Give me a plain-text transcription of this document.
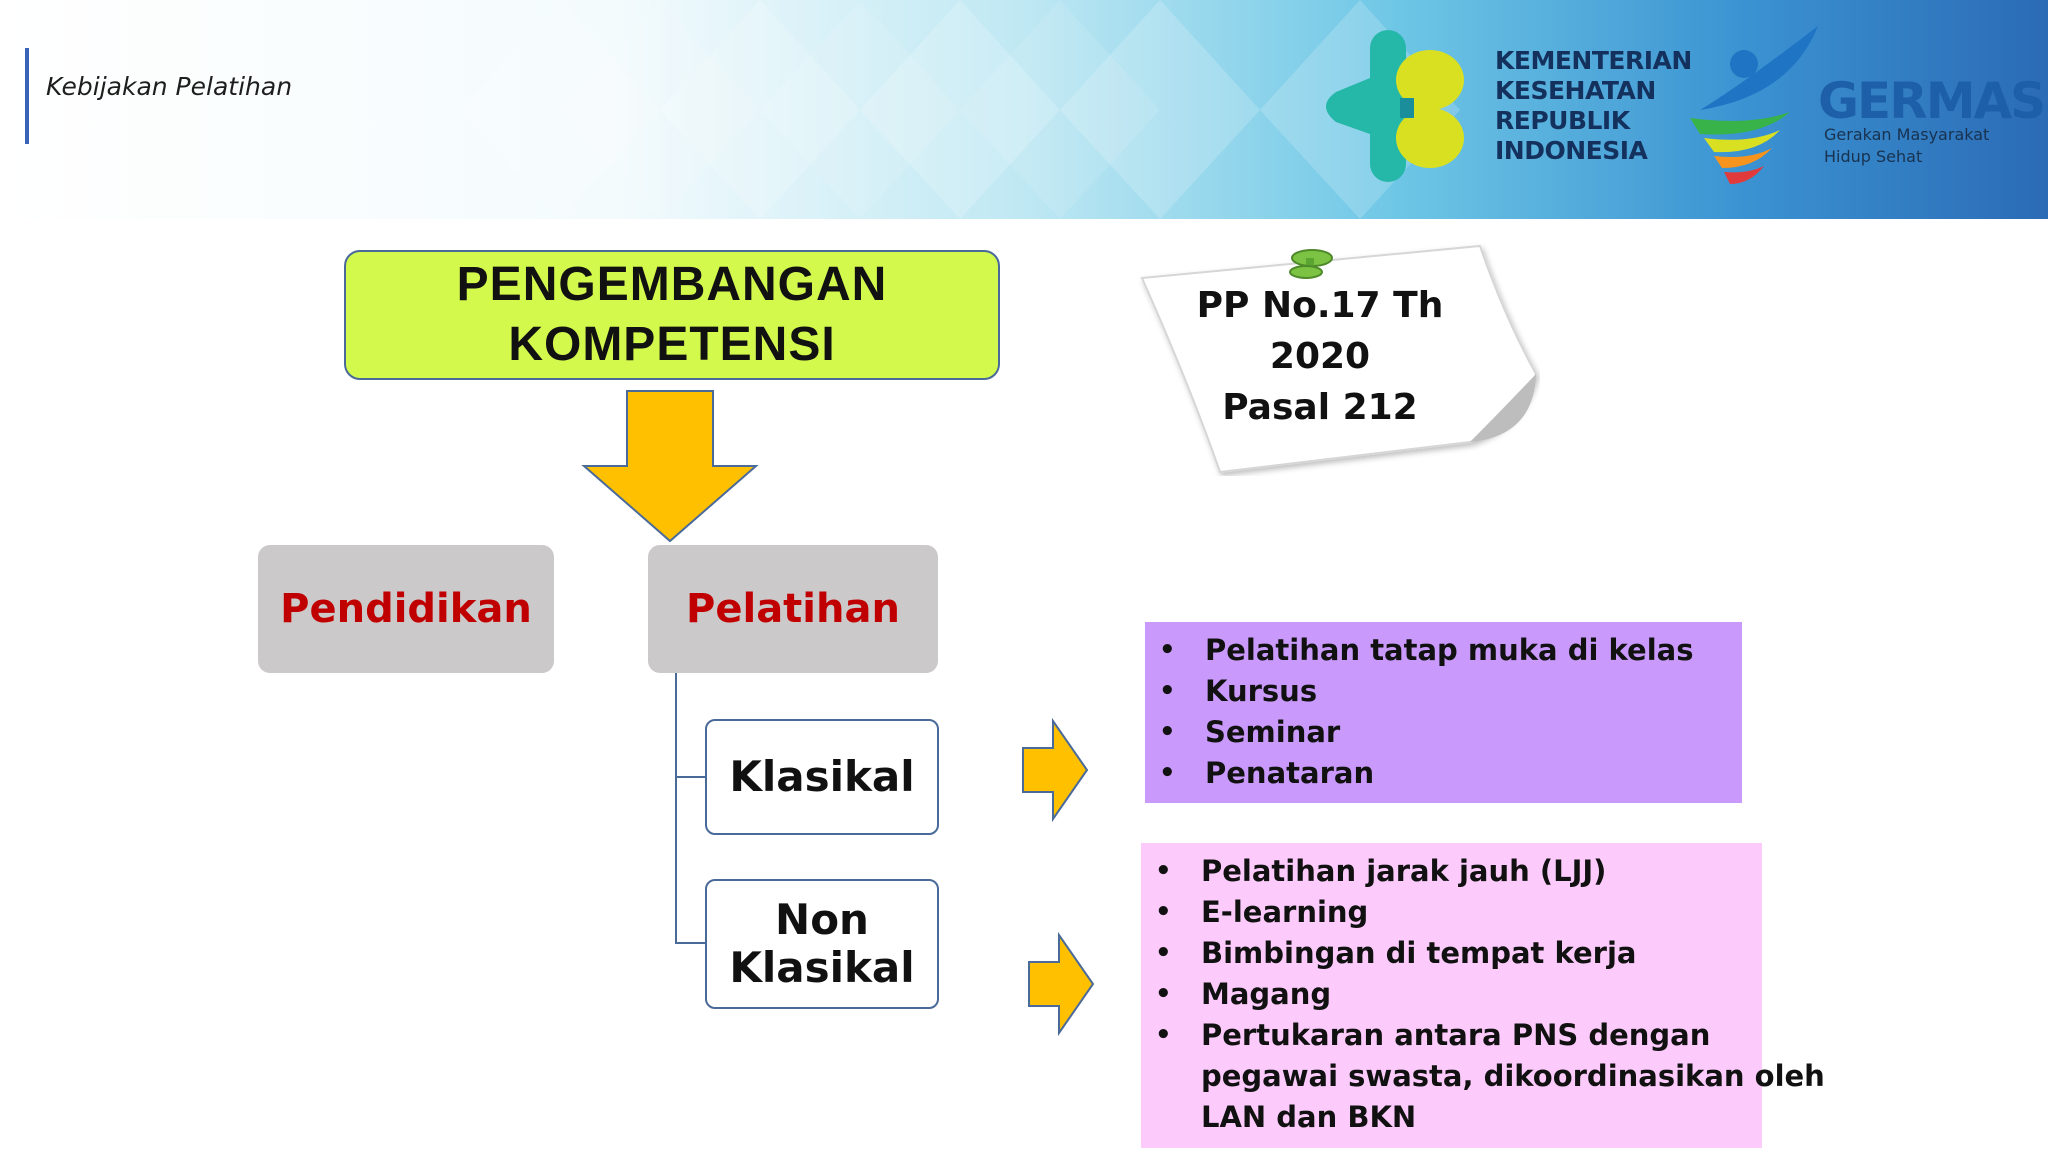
Kebijakan Pelatihan
KEMENTERIAN
KESEHATAN
REPUBLIK
INDONESIA
GERMAS
Gerakan Masyarakat
Hidup Sehat
PENGEMBANGAN
KOMPETENSI
Pendidikan	Pelatihan
Klasikal
Non
Klasikal
PP No.17 Th
2020
Pasal 212
• Pelatihan tatap muka di kelas
• Kursus
• Seminar
• Penataran
• Pelatihan jarak jauh (LJJ)
• E-learning
• Bimbingan di tempat kerja
• Magang
• Pertukaran antara PNS dengan
pegawai swasta, dikoordinasikan oleh
LAN dan BKN
